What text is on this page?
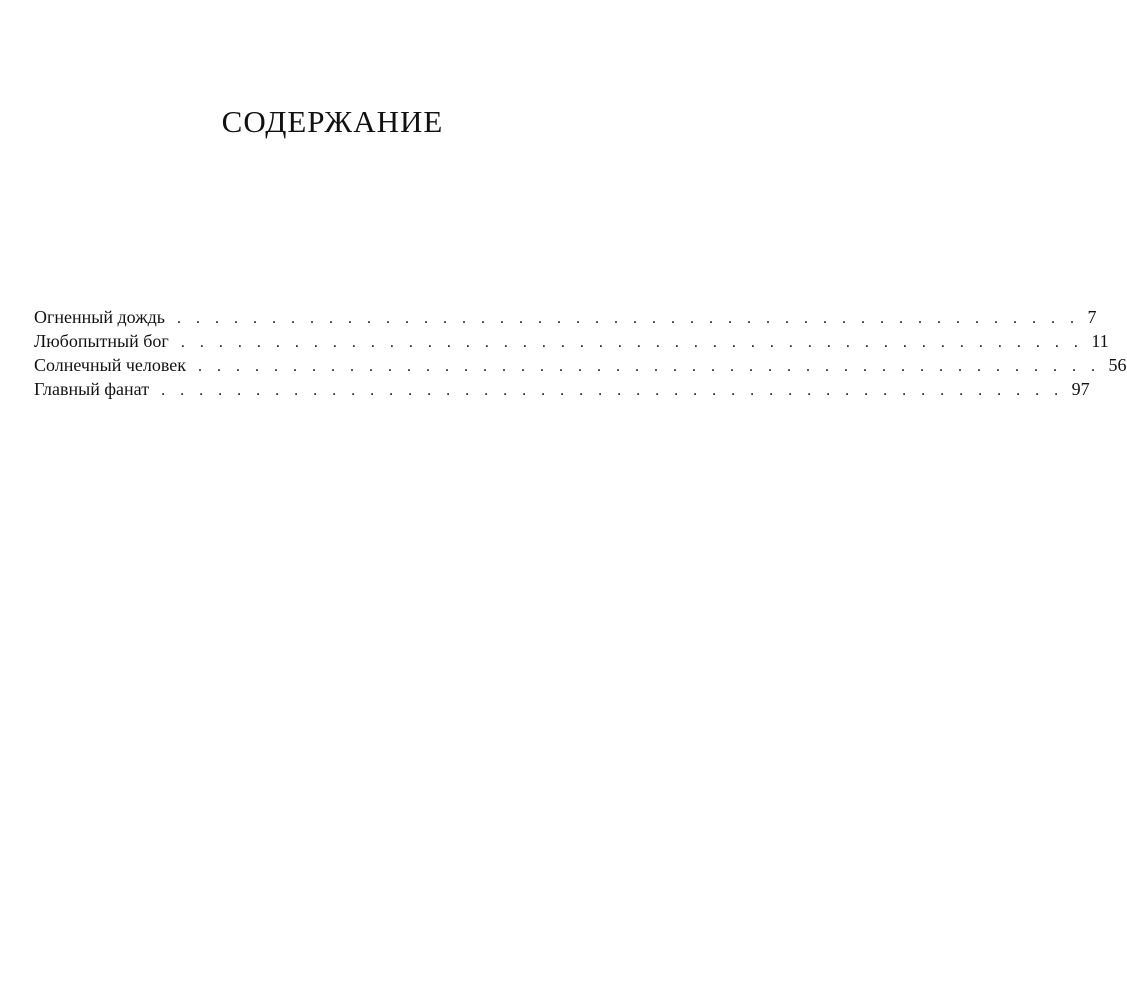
СОДЕРЖАНИЕ
Огненный дождь . . . . . . . . . . . . . . . . . . . . . . . . . . . . . . . . . . . . . . . . . . . . . . . . 7
Любопытный бог . . . . . . . . . . . . . . . . . . . . . . . . . . . . . . . . . . . . . . . . . . . . . . . . 11
Солнечный человек . . . . . . . . . . . . . . . . . . . . . . . . . . . . . . . . . . . . . . . . . . . . . . . . 56
Главный фанат . . . . . . . . . . . . . . . . . . . . . . . . . . . . . . . . . . . . . . . . . . . . . . . . 97
